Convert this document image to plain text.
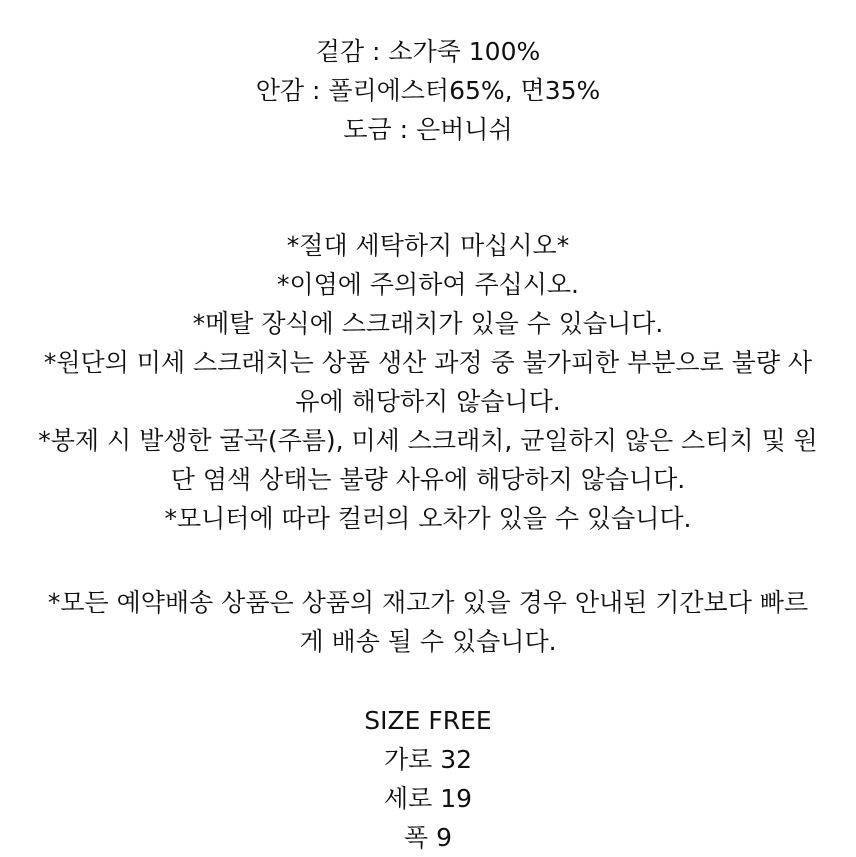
겉감 : 소가죽 100%
안감 : 폴리에스터65%, 면35%
도금 : 은버니쉬
*절대 세탁하지 마십시오*
*이염에 주의하여 주십시오.
*메탈 장식에 스크래치가 있을 수 있습니다.
*원단의 미세 스크래치는 상품 생산 과정 중 불가피한 부분으로 불량 사
유에 해당하지 않습니다.
*봉제 시 발생한 굴곡(주름), 미세 스크래치, 균일하지 않은 스티치 및 원
단 염색 상태는 불량 사유에 해당하지 않습니다.
*모니터에 따라 컬러의 오차가 있을 수 있습니다.
*모든 예약배송 상품은 상품의 재고가 있을 경우 안내된 기간보다 빠르
게 배송 될 수 있습니다.
SIZE FREE
가로 32
세로 19
폭 9
